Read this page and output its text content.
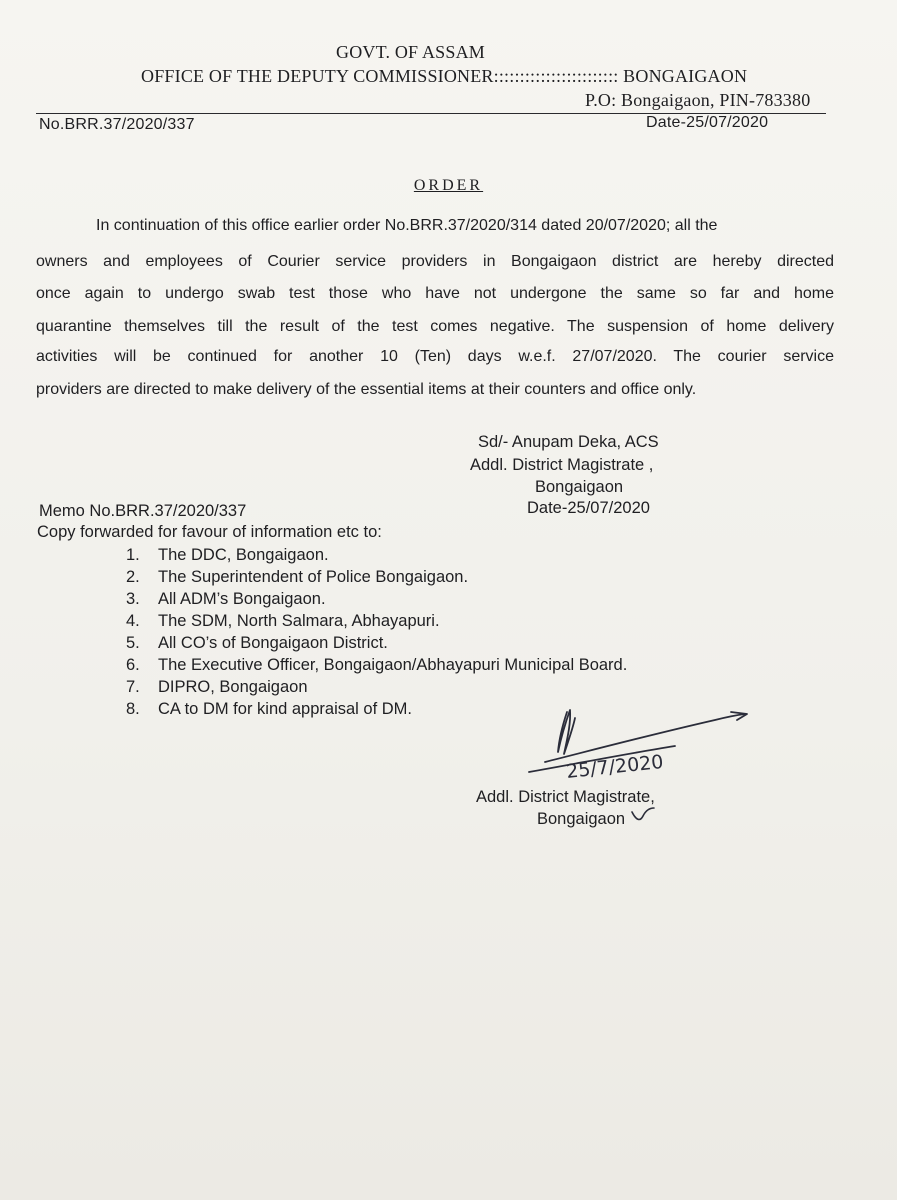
GOVT. OF ASSAM
OFFICE OF THE DEPUTY COMMISSIONER:::::::::::::::::::::::: BONGAIGAON
P.O: Bongaigaon, PIN-783380
No.BRR.37/2020/337	Date-25/07/2020
ORDER
In continuation of this office earlier order No.BRR.37/2020/314 dated 20/07/2020; all the
owners and employees of Courier service providers in Bongaigaon district are hereby directed
once again to undergo swab test those who have not undergone the same so far and home
quarantine themselves till the result of the test comes negative. The suspension of home delivery
activities will be continued for another 10 (Ten) days w.e.f. 27/07/2020. The courier service
providers are directed to make delivery of the essential items at their counters and office only.
Sd/- Anupam Deka, ACS
Addl. District Magistrate ,
Bongaigaon
Date-25/07/2020
Memo No.BRR.37/2020/337
Copy forwarded for favour of information etc to:
1. The DDC, Bongaigaon.
2. The Superintendent of Police Bongaigaon.
3. All ADM’s Bongaigaon.
4. The SDM, North Salmara, Abhayapuri.
5. All CO’s of Bongaigaon District.
6. The Executive Officer, Bongaigaon/Abhayapuri Municipal Board.
7. DIPRO, Bongaigaon
8. CA to DM for kind appraisal of DM.
25/7/2020
Addl. District Magistrate,
Bongaigaon
